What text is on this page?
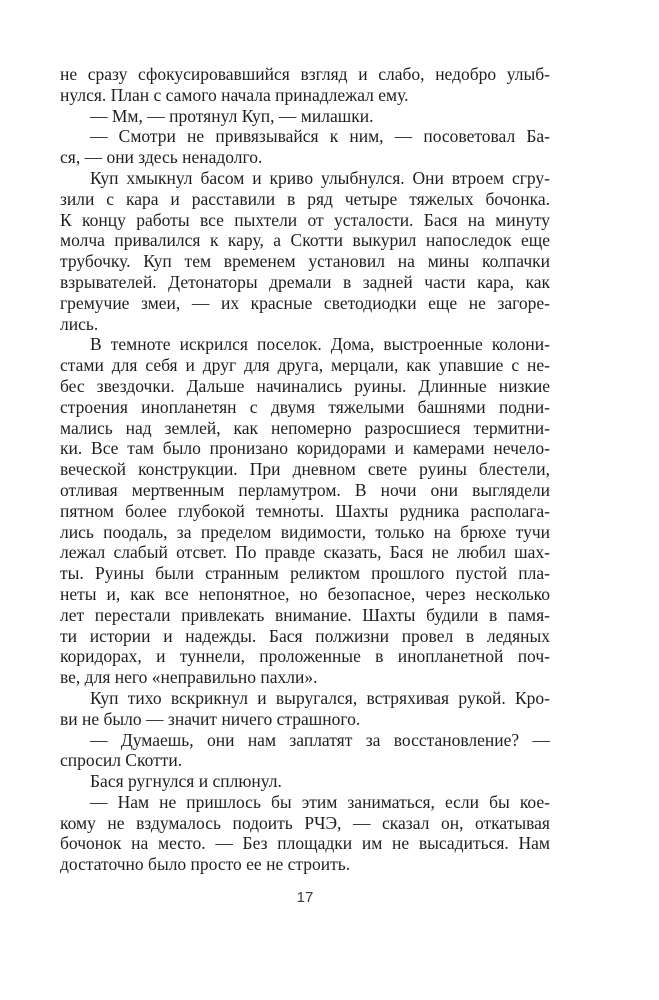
не сразу сфокусировавшийся взгляд и слабо, недобро улыб-
нулся. План с самого начала принадлежал ему.
— Мм, — протянул Куп, — милашки.
— Смотри не привязывайся к ним, — посоветовал Ба-
ся, — они здесь ненадолго.
Куп хмыкнул басом и криво улыбнулся. Они втроем сгру-
зили с кара и расставили в ряд четыре тяжелых бочонка.
К концу работы все пыхтели от усталости. Бася на минуту
молча привалился к кару, а Скотти выкурил напоследок еще
трубочку. Куп тем временем установил на мины колпачки
взрывателей. Детонаторы дремали в задней части кара, как
гремучие змеи, — их красные светодиодки еще не загоре-
лись.
В темноте искрился поселок. Дома, выстроенные колони-
стами для себя и друг для друга, мерцали, как упавшие с не-
бес звездочки. Дальше начинались руины. Длинные низкие
строения инопланетян с двумя тяжелыми башнями подни-
мались над землей, как непомерно разросшиеся термитни-
ки. Все там было пронизано коридорами и камерами нечело-
веческой конструкции. При дневном свете руины блестели,
отливая мертвенным перламутром. В ночи они выглядели
пятном более глубокой темноты. Шахты рудника располага-
лись поодаль, за пределом видимости, только на брюхе тучи
лежал слабый отсвет. По правде сказать, Бася не любил шах-
ты. Руины были странным реликтом прошлого пустой пла-
неты и, как все непонятное, но безопасное, через несколько
лет перестали привлекать внимание. Шахты будили в памя-
ти истории и надежды. Бася полжизни провел в ледяных
коридорах, и туннели, проложенные в инопланетной поч-
ве, для него «неправильно пахли».
Куп тихо вскрикнул и выругался, встряхивая рукой. Кро-
ви не было — значит ничего страшного.
— Думаешь, они нам заплатят за восстановление? —
спросил Скотти.
Бася ругнулся и сплюнул.
— Нам не пришлось бы этим заниматься, если бы кое-
кому не вздумалось подоить РЧЭ, — сказал он, откатывая
бочонок на место. — Без площадки им не высадиться. Нам
достаточно было просто ее не строить.
17
